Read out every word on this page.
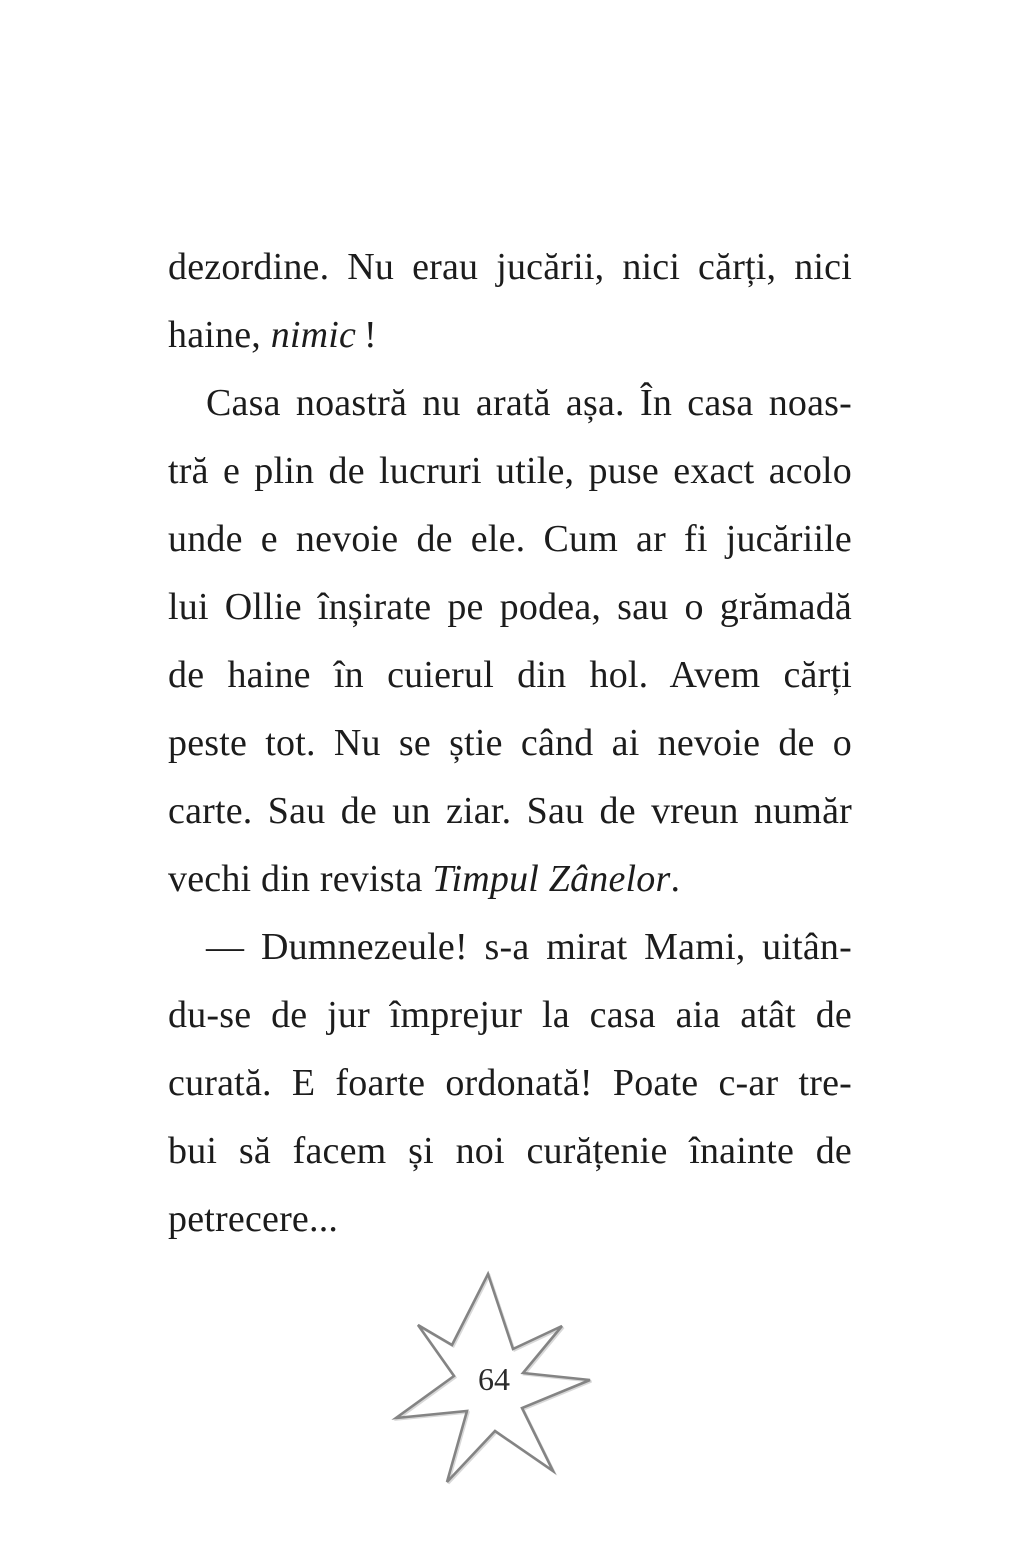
dezordine. Nu erau jucării, nici cărți, nici
haine, nimic !
Casa noastră nu arată așa. În casa noas-
tră e plin de lucruri utile, puse exact acolo
unde e nevoie de ele. Cum ar fi jucăriile
lui Ollie înșirate pe podea, sau o grămadă
de haine în cuierul din hol. Avem cărți
peste tot. Nu se știe când ai nevoie de o
carte. Sau de un ziar. Sau de vreun număr
vechi din revista Timpul Zânelor.
— Dumnezeule! s-a mirat Mami, uitân-
du-se de jur împrejur la casa aia atât de
curată. E foarte ordonată! Poate c-ar tre-
bui să facem și noi curățenie înainte de
petrecere...
64
